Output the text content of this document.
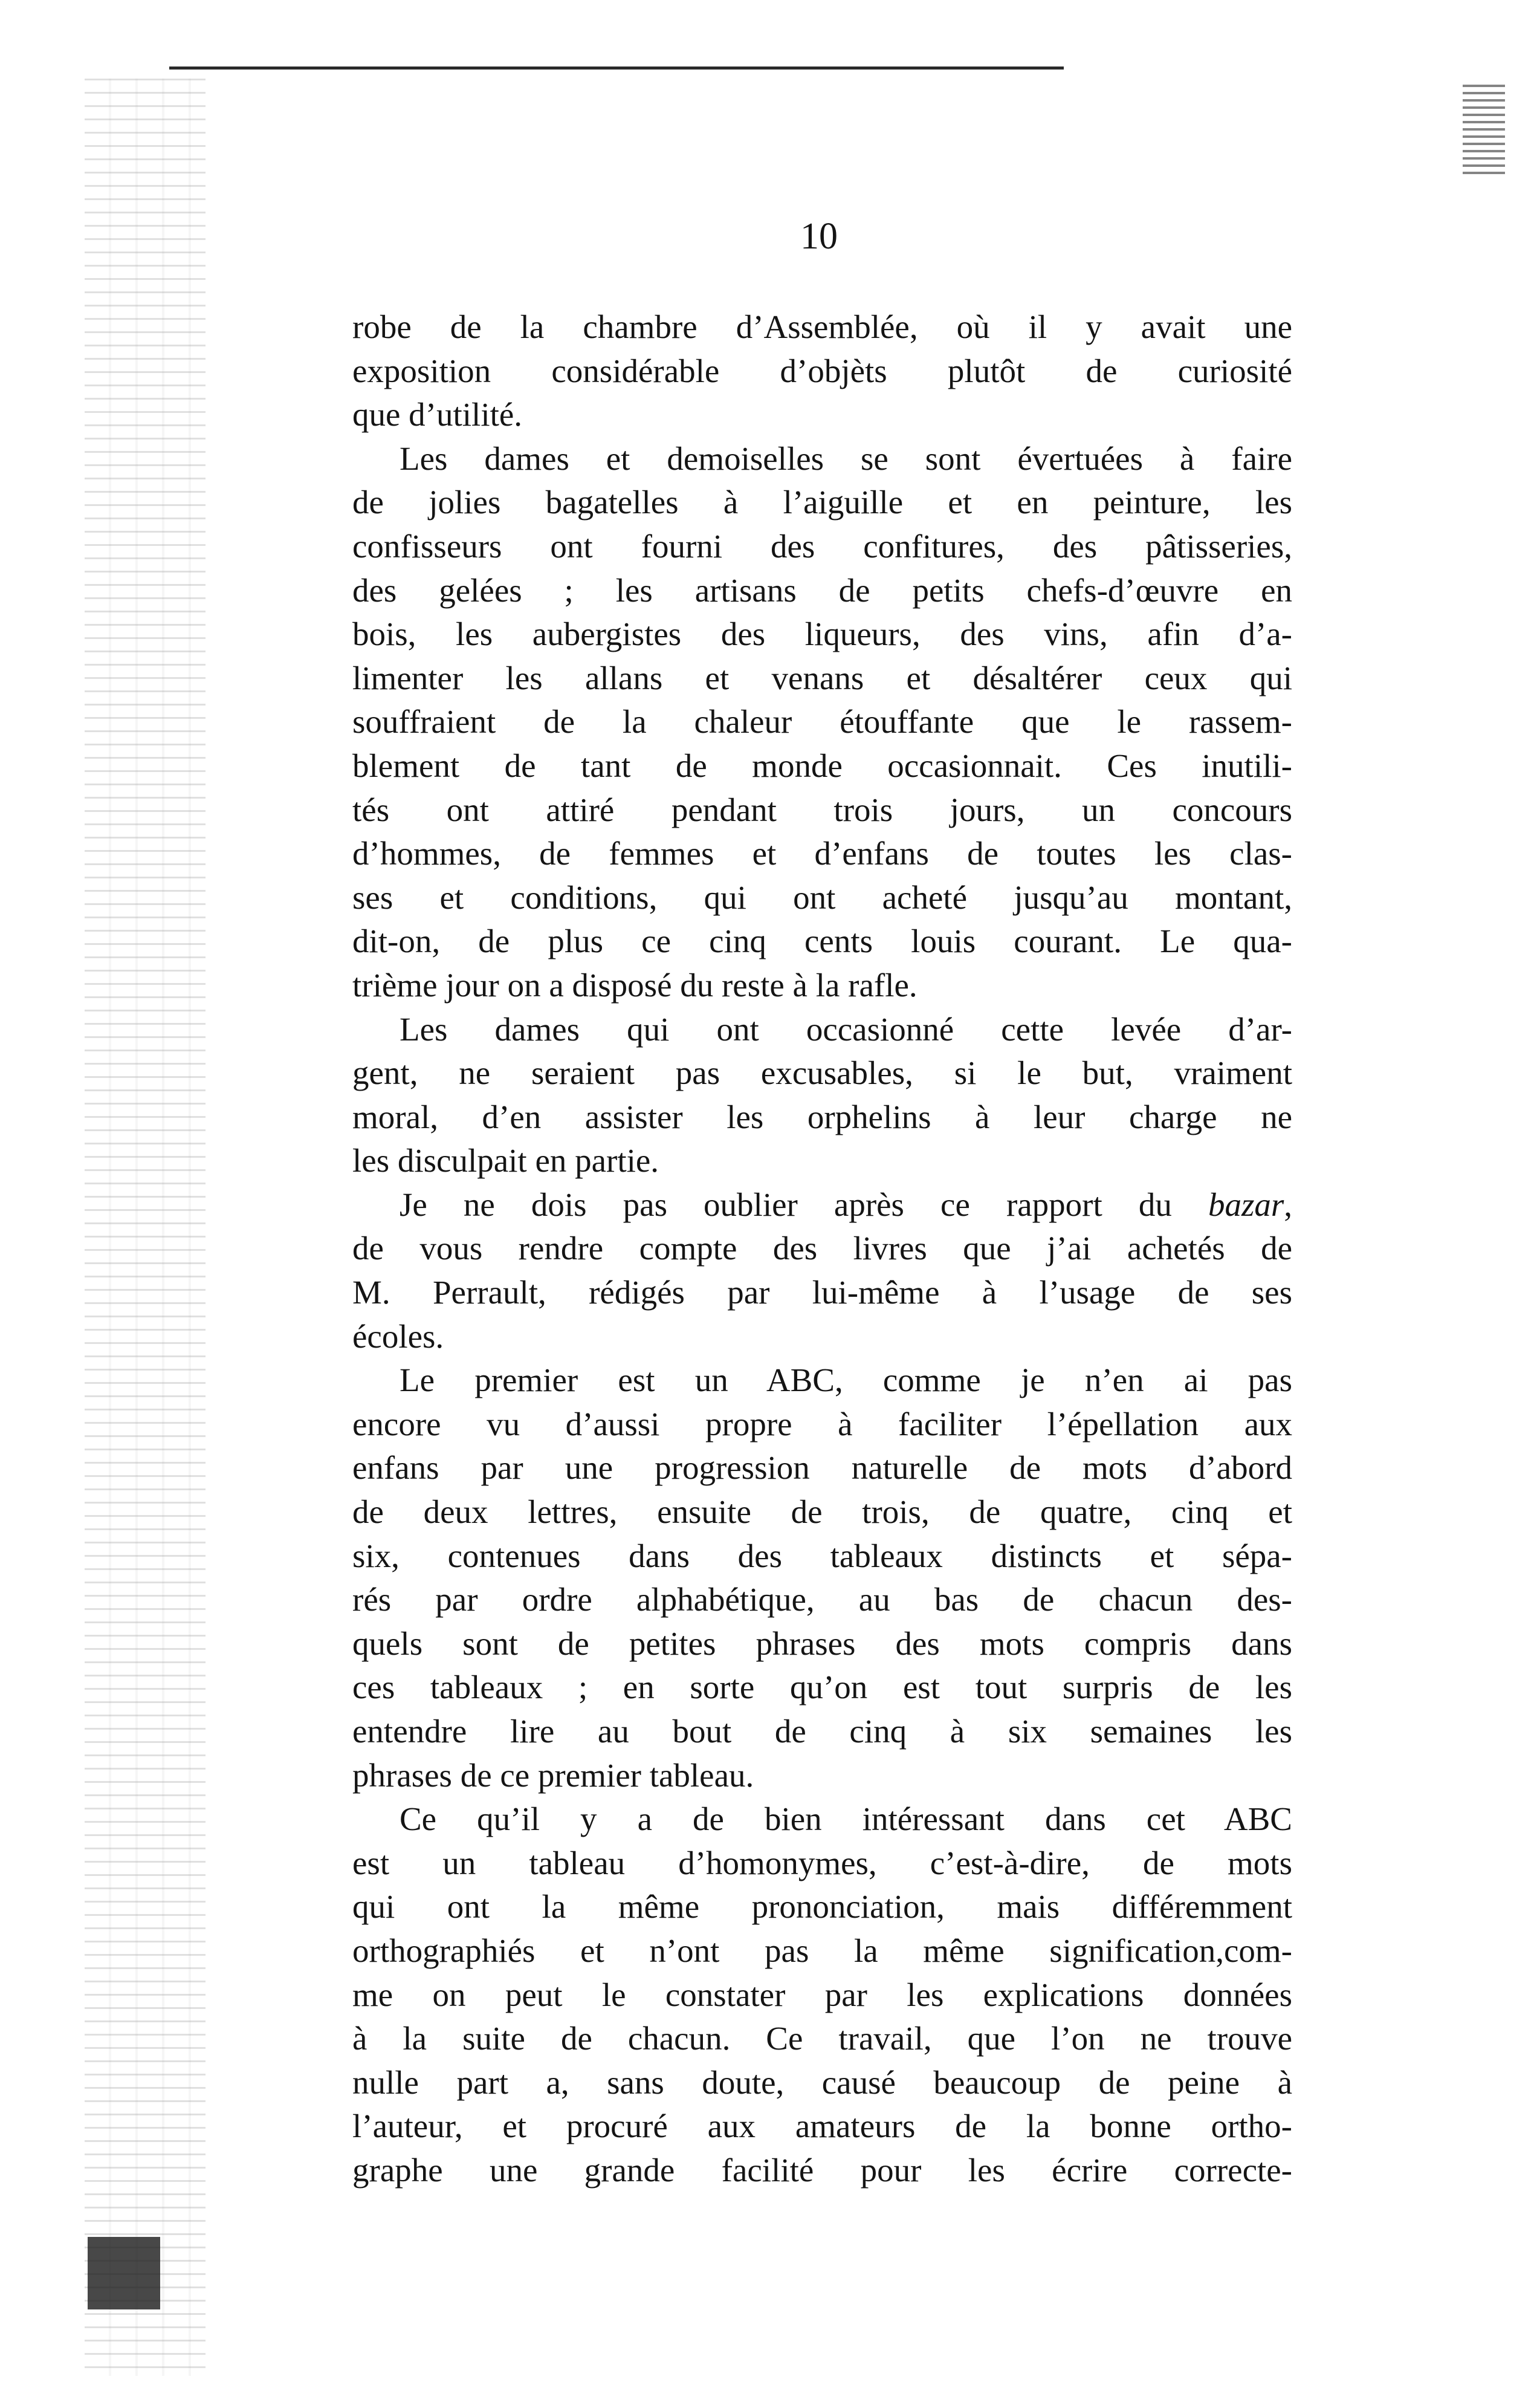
10
robe de la chambre d’Assemblée, où il y avait une
exposition considérable d’objèts plutôt de curiosité
que d’utilité.
Les dames et demoiselles se sont évertuées à faire
de jolies bagatelles à l’aiguille et en peinture, les
confisseurs ont fourni des confitures, des pâtisseries,
des gelées ; les artisans de petits chefs-d’œuvre en
bois, les aubergistes des liqueurs, des vins, afin d’a-
limenter les allans et venans et désaltérer ceux qui
souffraient de la chaleur étouffante que le rassem-
blement de tant de monde occasionnait. Ces inutili-
tés ont attiré pendant trois jours, un concours
d’hommes, de femmes et d’enfans de toutes les clas-
ses et conditions, qui ont acheté jusqu’au montant,
dit-on, de plus ce cinq cents louis courant. Le qua-
trième jour on a disposé du reste à la rafle.
Les dames qui ont occasionné cette levée d’ar-
gent, ne seraient pas excusables, si le but, vraiment
moral, d’en assister les orphelins à leur charge ne
les disculpait en partie.
Je ne dois pas oublier après ce rapport du bazar,
de vous rendre compte des livres que j’ai achetés de
M. Perrault, rédigés par lui-même à l’usage de ses
écoles.
Le premier est un ABC, comme je n’en ai pas
encore vu d’aussi propre à faciliter l’épellation aux
enfans par une progression naturelle de mots d’abord
de deux lettres, ensuite de trois, de quatre, cinq et
six, contenues dans des tableaux distincts et sépa-
rés par ordre alphabétique, au bas de chacun des-
quels sont de petites phrases des mots compris dans
ces tableaux ; en sorte qu’on est tout surpris de les
entendre lire au bout de cinq à six semaines les
phrases de ce premier tableau.
Ce qu’il y a de bien intéressant dans cet ABC
est un tableau d’homonymes, c’est-à-dire, de mots
qui ont la même prononciation, mais différemment
orthographiés et n’ont pas la même signification,com-
me on peut le constater par les explications données
à la suite de chacun. Ce travail, que l’on ne trouve
nulle part a, sans doute, causé beaucoup de peine à
l’auteur, et procuré aux amateurs de la bonne ortho-
graphe une grande facilité pour les écrire correcte-
